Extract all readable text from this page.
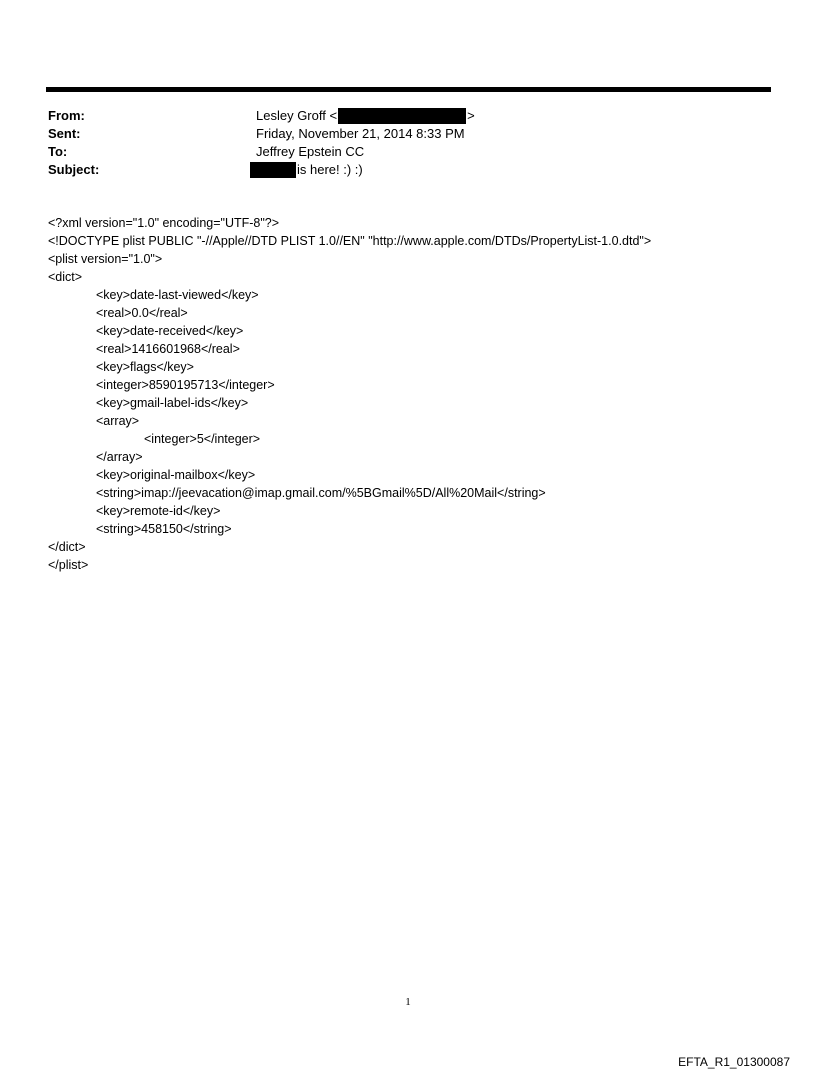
From:	Lesley Groff <	>
Sent:	Friday, November 21, 2014 8:33 PM
To:	Jeffrey Epstein CC
Subject:	is here! :) :)
<?xml version="1.0" encoding="UTF-8"?>
<!DOCTYPE plist PUBLIC "-//Apple//DTD PLIST 1.0//EN" "http://www.apple.com/DTDs/PropertyList-1.0.dtd">
<plist version="1.0">
<dict>
<key>date-last-viewed</key>
<real>0.0</real>
<key>date-received</key>
<real>1416601968</real>
<key>flags</key>
<integer>8590195713</integer>
<key>gmail-label-ids</key>
<array>
<integer>5</integer>
</array>
<key>original-mailbox</key>
<string>imap://jeevacation@imap.gmail.com/%5BGmail%5D/All%20Mail</string>
<key>remote-id</key>
<string>458150</string>
</dict>
</plist>
1
EFTA_R1_01300087
